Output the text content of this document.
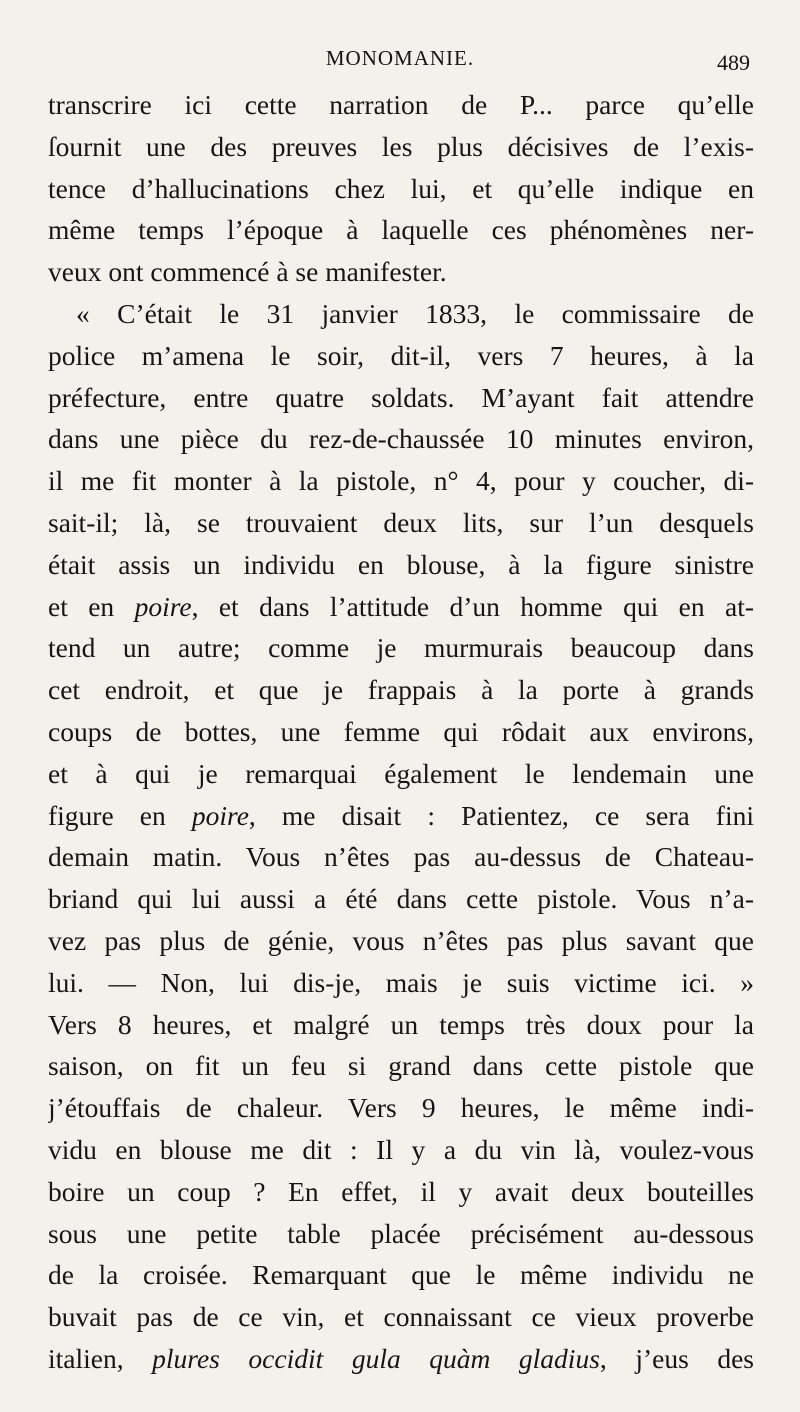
MONOMANIE.	489
transcrire ici cette narration de P... parce qu’elle
ſournit une des preuves les plus décisives de l’exis-
tence d’hallucinations chez lui, et qu’elle indique en
même temps l’époque à laquelle ces phénomènes ner-
veux ont commencé à se manifester.
« C’était le 31 janvier 1833, le commissaire de
police m’amena le soir, dit-il, vers 7 heures, à la
préfecture, entre quatre soldats. M’ayant fait attendre
dans une pièce du rez-de-chaussée 10 minutes environ,
il me fit monter à la pistole, n° 4, pour y coucher, di-
sait-il; là, se trouvaient deux lits, sur l’un desquels
était assis un individu en blouse, à la figure sinistre
et en poire, et dans l’attitude d’un homme qui en at-
tend un autre; comme je murmurais beaucoup dans
cet endroit, et que je frappais à la porte à grands
coups de bottes, une femme qui rôdait aux environs,
et à qui je remarquai également le lendemain une
figure en poire, me disait : Patientez, ce sera fini
demain matin. Vous n’êtes pas au-dessus de Chateau-
briand qui lui aussi a été dans cette pistole. Vous n’a-
vez pas plus de génie, vous n’êtes pas plus savant que
lui. — Non, lui dis-je, mais je suis victime ici. »
Vers 8 heures, et malgré un temps très doux pour la
saison, on fit un feu si grand dans cette pistole que
j’étouffais de chaleur. Vers 9 heures, le même indi-
vidu en blouse me dit : Il y a du vin là, voulez-vous
boire un coup ? En effet, il y avait deux bouteilles
sous une petite table placée précisément au-dessous
de la croisée. Remarquant que le même individu ne
buvait pas de ce vin, et connaissant ce vieux proverbe
italien, plures occidit gula quàm gladius, j’eus des
